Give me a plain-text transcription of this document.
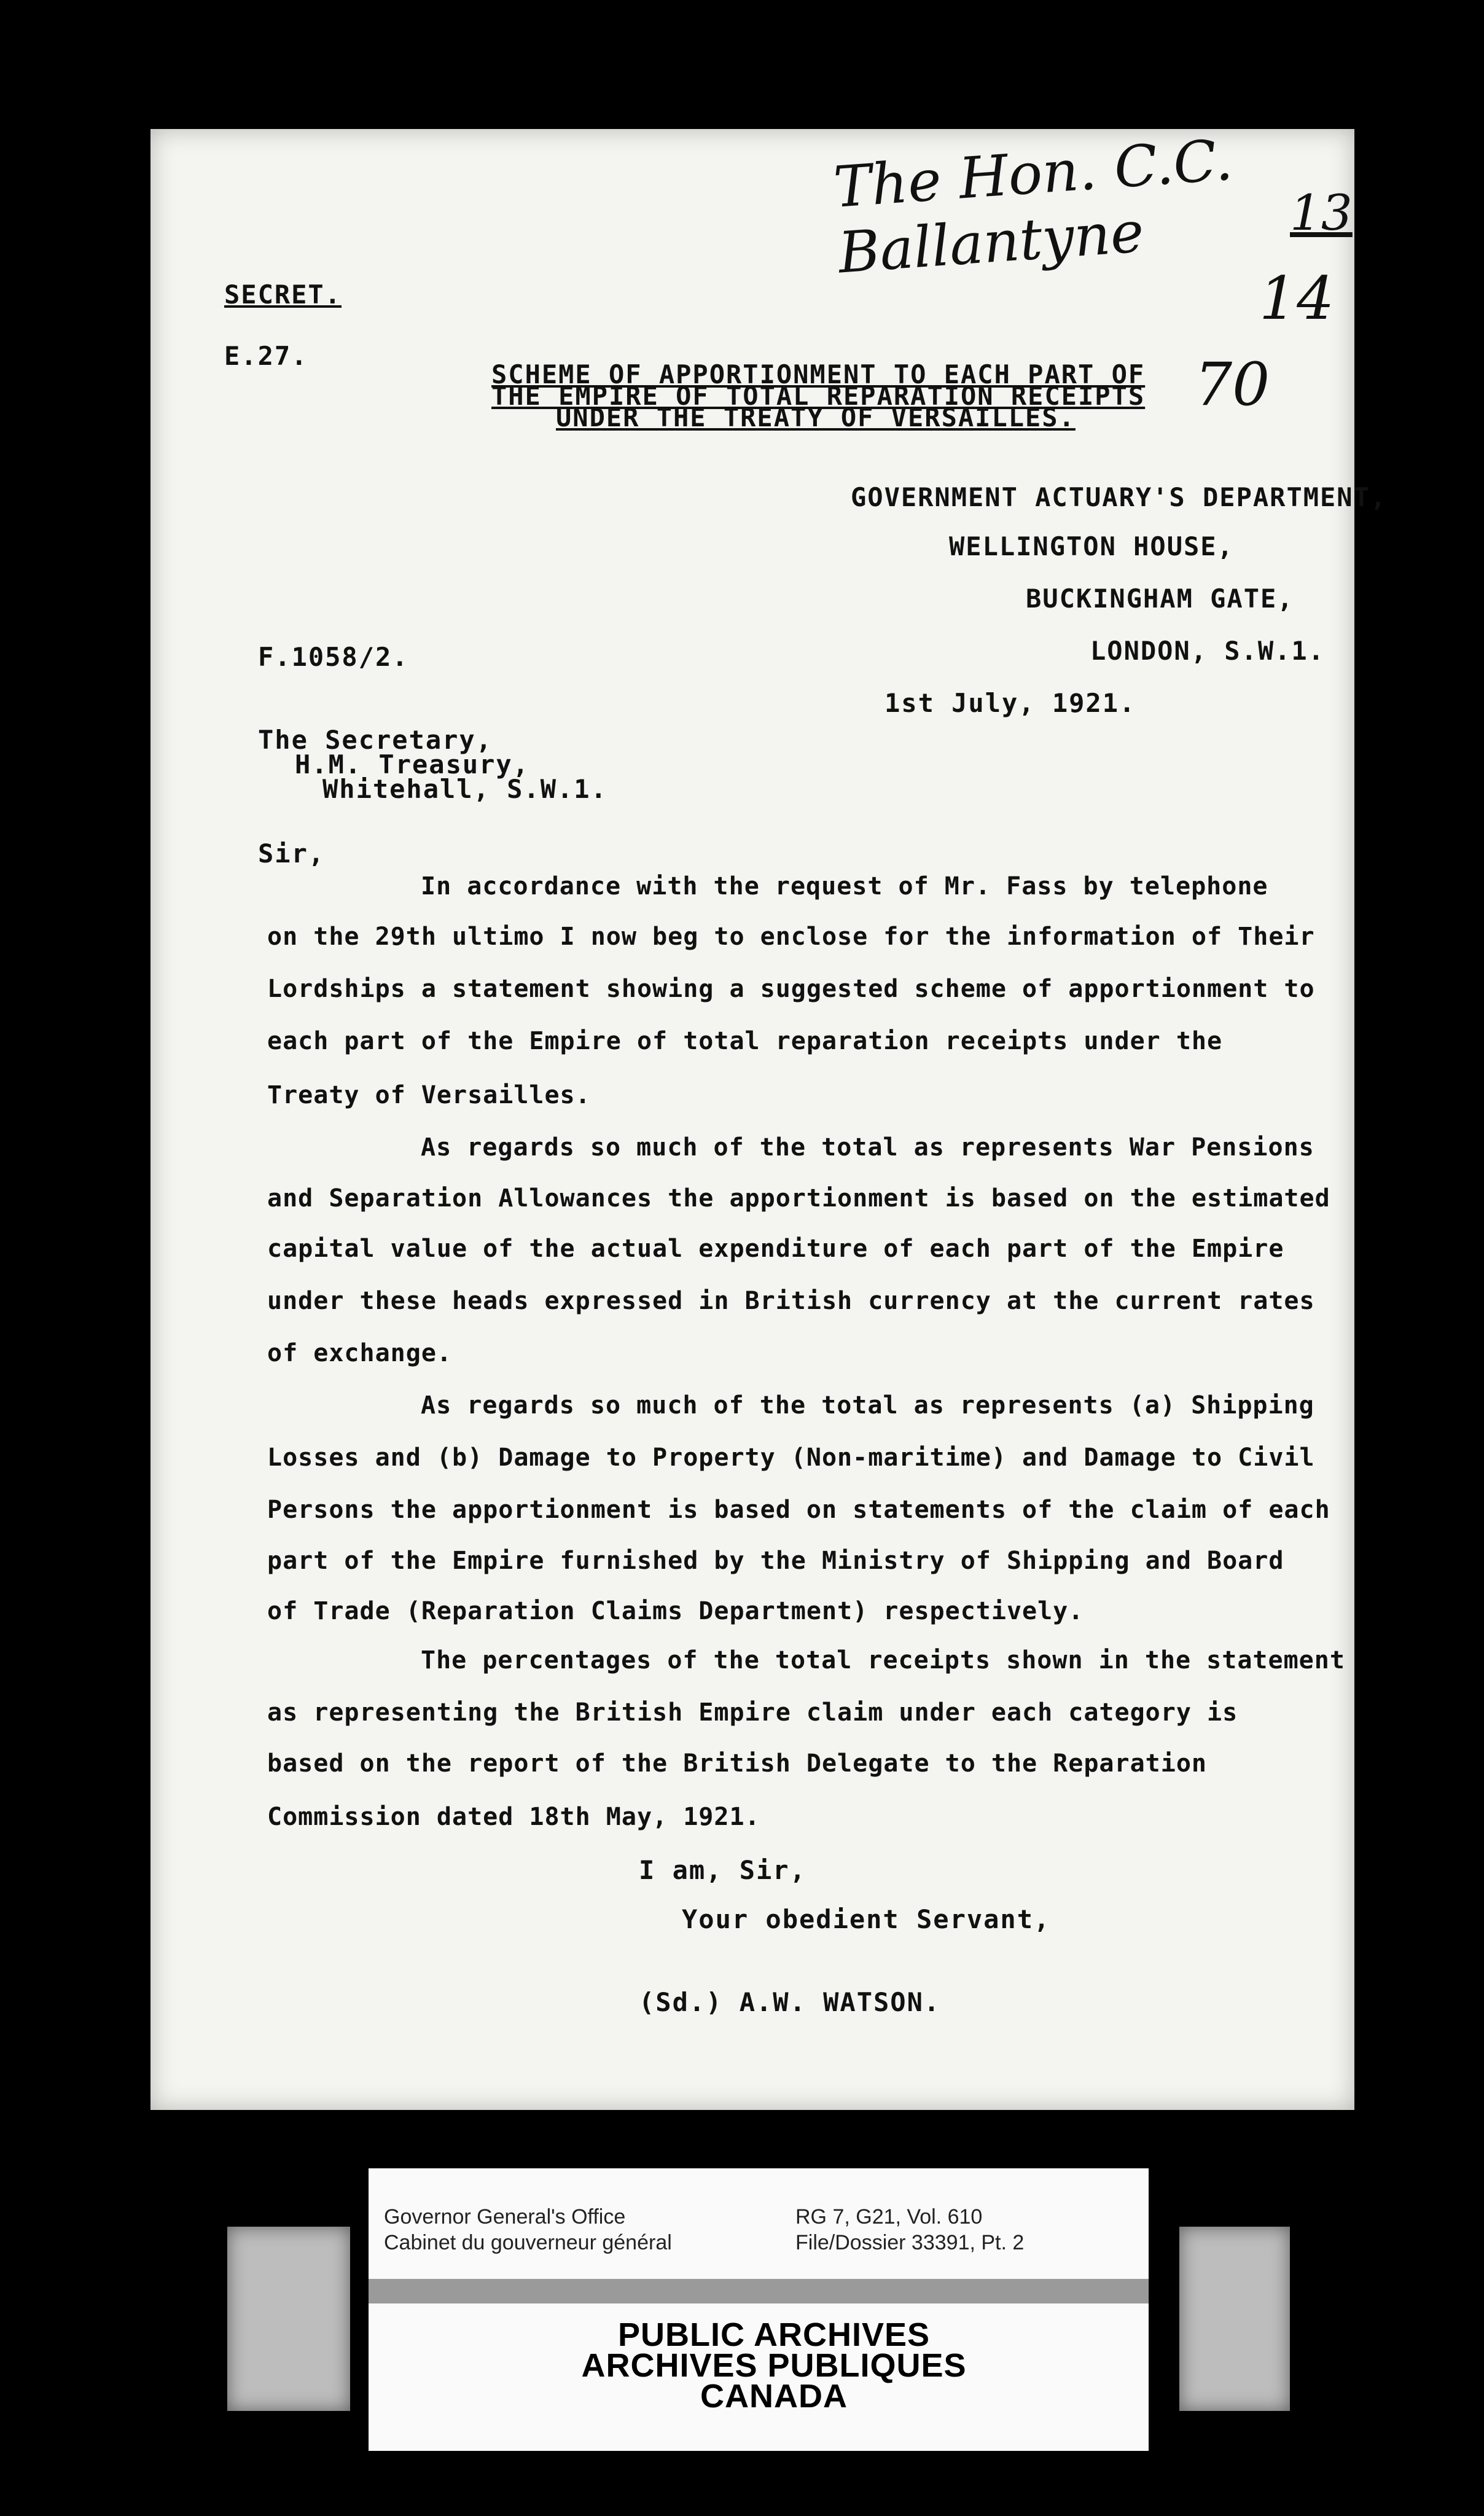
The Hon. C.C. Ballantyne	13
14
70
SECRET.
E.27.
SCHEME OF APPORTIONMENT TO EACH PART OF
THE EMPIRE OF TOTAL REPARATION RECEIPTS
UNDER THE TREATY OF VERSAILLES.
GOVERNMENT ACTUARY'S DEPARTMENT,
WELLINGTON HOUSE,
BUCKINGHAM GATE,
LONDON, S.W.1.
F.1058/2.
1st July, 1921.
The Secretary,
H.M. Treasury,
Whitehall, S.W.1.
Sir,
In accordance with the request of Mr. Fass by telephone
on the 29th ultimo I now beg to enclose for the information of Their
Lordships a statement showing a suggested scheme of apportionment to
each part of the Empire of total reparation receipts under the
Treaty of Versailles.
As regards so much of the total as represents War Pensions
and Separation Allowances the apportionment is based on the estimated
capital value of the actual expenditure of each part of the Empire
under these heads expressed in British currency at the current rates
of exchange.
As regards so much of the total as represents (a) Shipping
Losses and (b) Damage to Property (Non-maritime) and Damage to Civil
Persons the apportionment is based on statements of the claim of each
part of the Empire furnished by the Ministry of Shipping and Board
of Trade (Reparation Claims Department) respectively.
The percentages of the total receipts shown in the statement
as representing the British Empire claim under each category is
based on the report of the British Delegate to the Reparation
Commission dated 18th May, 1921.
I am, Sir,
Your obedient Servant,
(Sd.) A.W. WATSON.
Governor General's Office
Cabinet du gouverneur général
RG 7, G21, Vol. 610
File/Dossier 33391, Pt. 2
PUBLIC ARCHIVES
ARCHIVES PUBLIQUES
CANADA
